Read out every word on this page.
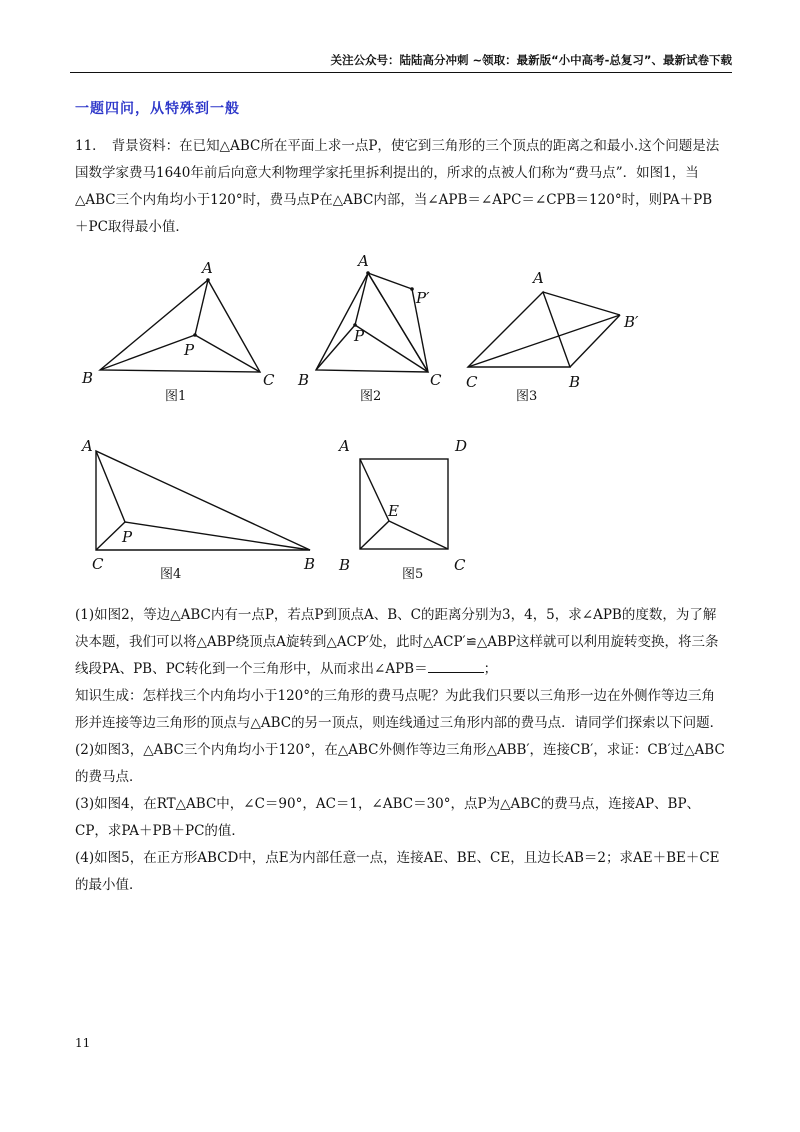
关注公众号：陆陆高分冲刺 ~领取：最新版“小中高考-总复习”、最新试卷下载
一题四问，从特殊到一般
11． 背景资料：在已知△ABC所在平面上求一点P，使它到三角形的三个顶点的距离之和最小.这个问题是法国数学家费马1640年前后向意大利物理学家托里拆利提出的，所求的点被人们称为“费马点”．如图1，当△ABC三个内角均小于120°时，费马点P在△ABC内部，当∠APB＝∠APC＝∠CPB＝120°时，则PA＋PB＋PC取得最小值．
A
P
B	C
A
P′
P
B	C
A
B′
C	B
A
P
C	B
A	D
E
B	C
图1	图2	图3
图4	图5

(1)如图2，等边△ABC内有一点P，若点P到顶点A、B、C的距离分别为3，4，5，求∠APB的度数，为了解决本题，我们可以将△ABP绕顶点A旋转到△ACP′处，此时△ACP′≌△ABP这样就可以利用旋转变换，将三条线段PA、PB、PC转化到一个三角形中，从而求出∠APB＝	；

知识生成：怎样找三个内角均小于120°的三角形的费马点呢？为此我们只要以三角形一边在外侧作等边三角形并连接等边三角形的顶点与△ABC的另一顶点，则连线通过三角形内部的费马点．请同学们探索以下问题．

(2)如图3，△ABC三个内角均小于120°，在△ABC外侧作等边三角形△ABB′，连接CB′，求证：CB′过△ABC的费马点．

(3)如图4，在RT△ABC中，∠C＝90°，AC＝1，∠ABC＝30°，点P为△ABC的费马点，连接AP、BP、CP，求PA＋PB＋PC的值．

(4)如图5，在正方形ABCD中，点E为内部任意一点，连接AE、BE、CE，且边长AB＝2；求AE＋BE＋CE的最小值．

11
